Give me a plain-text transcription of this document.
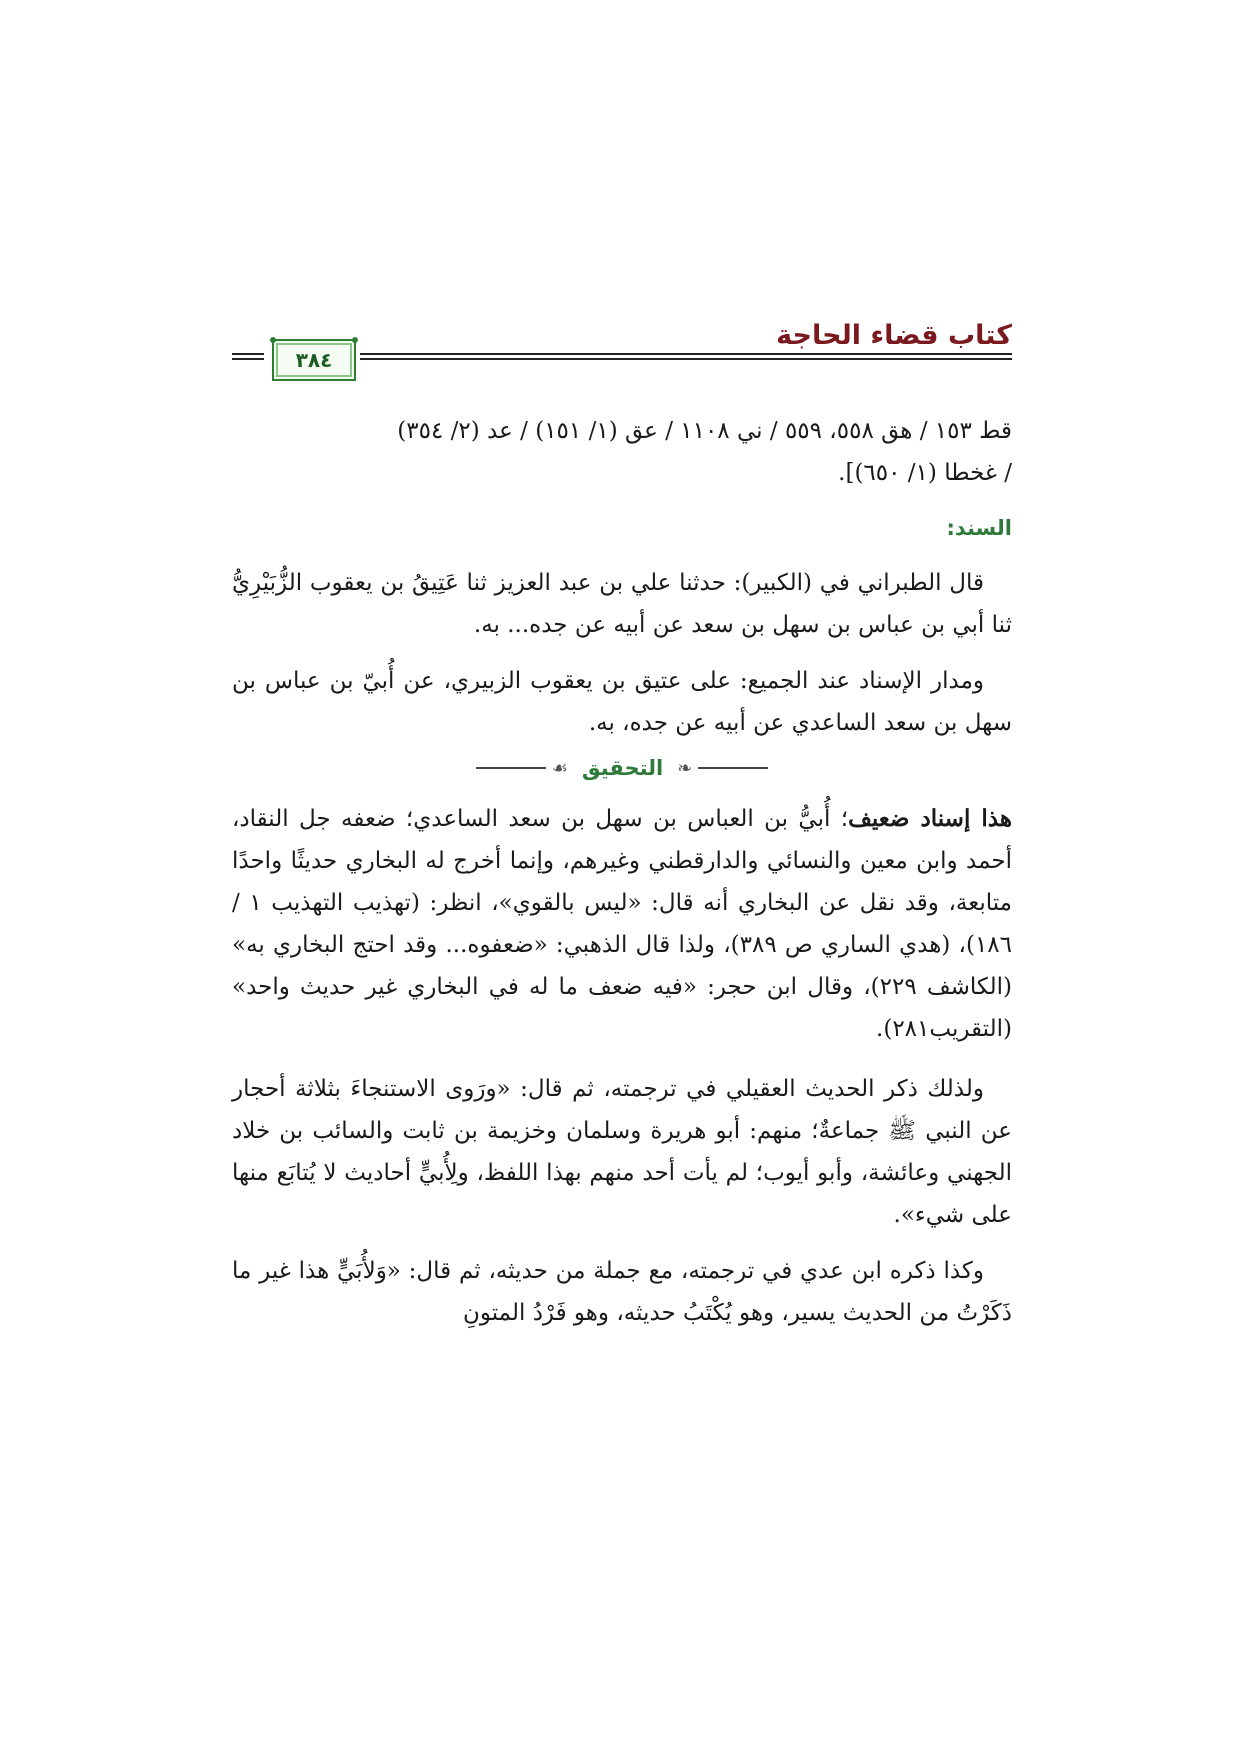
٣٨٤
كتاب قضاء الحاجة

قط ١٥٣ / هق ٥٥٨، ٥٥٩ / ني ١١٠٨ / عق (١/ ١٥١) / عد (٢/ ٣٥٤)

/ غخطا (١/ ٦٥٠)].

السند:

قال الطبراني في (الكبير): حدثنا علي بن عبد العزيز ثنا عَتِيقُ بن يعقوب الزُّبَيْرِيُّ ثنا أبي بن عباس بن سهل بن سعد عن أبيه عن جده... به.

ومدار الإسناد عند الجميع: على عتيق بن يعقوب الزبيري، عن أُبيّ بن عباس بن سهل بن سعد الساعدي عن أبيه عن جده، به.

❧
التحقيق
☙

هذا إسناد ضعيف؛ أُبيُّ بن العباس بن سهل بن سعد الساعدي؛ ضعفه جل النقاد، أحمد وابن معين والنسائي والدارقطني وغيرهم، وإنما أخرج له البخاري حديثًا واحدًا متابعة، وقد نقل عن البخاري أنه قال: «ليس بالقوي»، انظر: (تهذيب التهذيب ١ / ١٨٦)، (هدي الساري ص ٣٨٩)، ولذا قال الذهبي: «ضعفوه... وقد احتج البخاري به» (الكاشف ٢٢٩)، وقال ابن حجر: «فيه ضعف ما له في البخاري غير حديث واحد» (التقريب٢٨١).

ولذلك ذكر الحديث العقيلي في ترجمته، ثم قال: «ورَوى الاستنجاءَ بثلاثة أحجار عن النبي ﷺ جماعةٌ؛ منهم: أبو هريرة وسلمان وخزيمة بن ثابت والسائب بن خلاد الجهني وعائشة، وأبو أيوب؛ لم يأت أحد منهم بهذا اللفظ، ولِأُبيٍّ أحاديث لا يُتابَع منها على شيء».

وكذا ذكره ابن عدي في ترجمته، مع جملة من حديثه، ثم قال: «وَلأُبَيٍّ هذا غير ما ذَكَرْتُ من الحديث يسير، وهو يُكْتَبُ حديثه، وهو فَرْدُ المتونِ
